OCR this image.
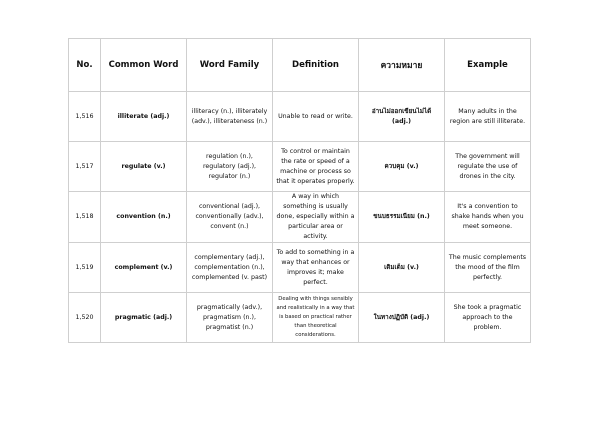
No.	Common Word	Word Family	Definition	ความหมาย	Example
1,516	illiterate (adj.)	illiteracy (n.), illiterately (adv.), illiterateness (n.)	Unable to read or write.	อ่านไม่ออกเขียนไม่ได้ (adj.)	Many adults in the region are still illiterate.
1,517	regulate (v.)	regulation (n.), regulatory (adj.), regulator (n.)	To control or maintain the rate or speed of a machine or process so that it operates properly.	ควบคุม (v.)	The government will regulate the use of drones in the city.
1,518	convention (n.)	conventional (adj.), conventionally (adv.), convent (n.)	A way in which something is usually done, especially within a particular area or activity.	ขนบธรรมเนียม (n.)	It's a convention to shake hands when you meet someone.
1,519	complement (v.)	complementary (adj.), complementation (n.), complemented (v. past)	To add to something in a way that enhances or improves it; make perfect.	เติมเต็ม (v.)	The music complements the mood of the film perfectly.
1,520	pragmatic (adj.)	pragmatically (adv.), pragmatism (n.), pragmatist (n.)	Dealing with things sensibly and realistically in a way that is based on practical rather than theoretical considerations.	ในทางปฏิบัติ (adj.)	She took a pragmatic approach to the problem.
